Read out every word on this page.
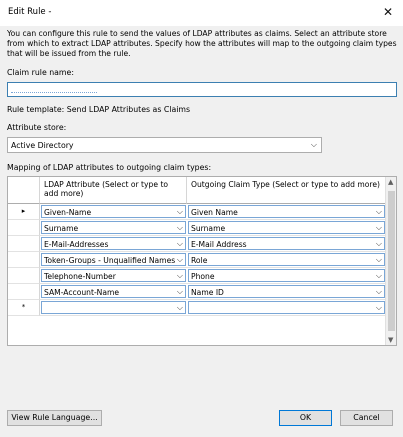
Edit Rule -	✕
You can configure this rule to send the values of LDAP attributes as claims. Select an attribute store from which to extract LDAP attributes. Specify how the attributes will map to the outgoing claim types that will be issued from the rule.
Claim rule name:
Rule template: Send LDAP Attributes as Claims
Attribute store:
Active Directory	⌵
Mapping of LDAP attributes to outgoing claim types:
LDAP Attribute (Select or type to add more)
Outgoing Claim Type (Select or type to add more)
▸	Given-Name	⌵ Given Name	⌵
Surname	⌵ Surname	⌵
E-Mail-Addresses	⌵ E-Mail Address	⌵
Token-Groups - Unqualified Names ⌵ Role	⌵
Telephone-Number	⌵ Phone	⌵
SAM-Account-Name	⌵ Name ID	⌵
*	⌵	⌵
▲
▼
View Rule Language...	OK	Cancel
